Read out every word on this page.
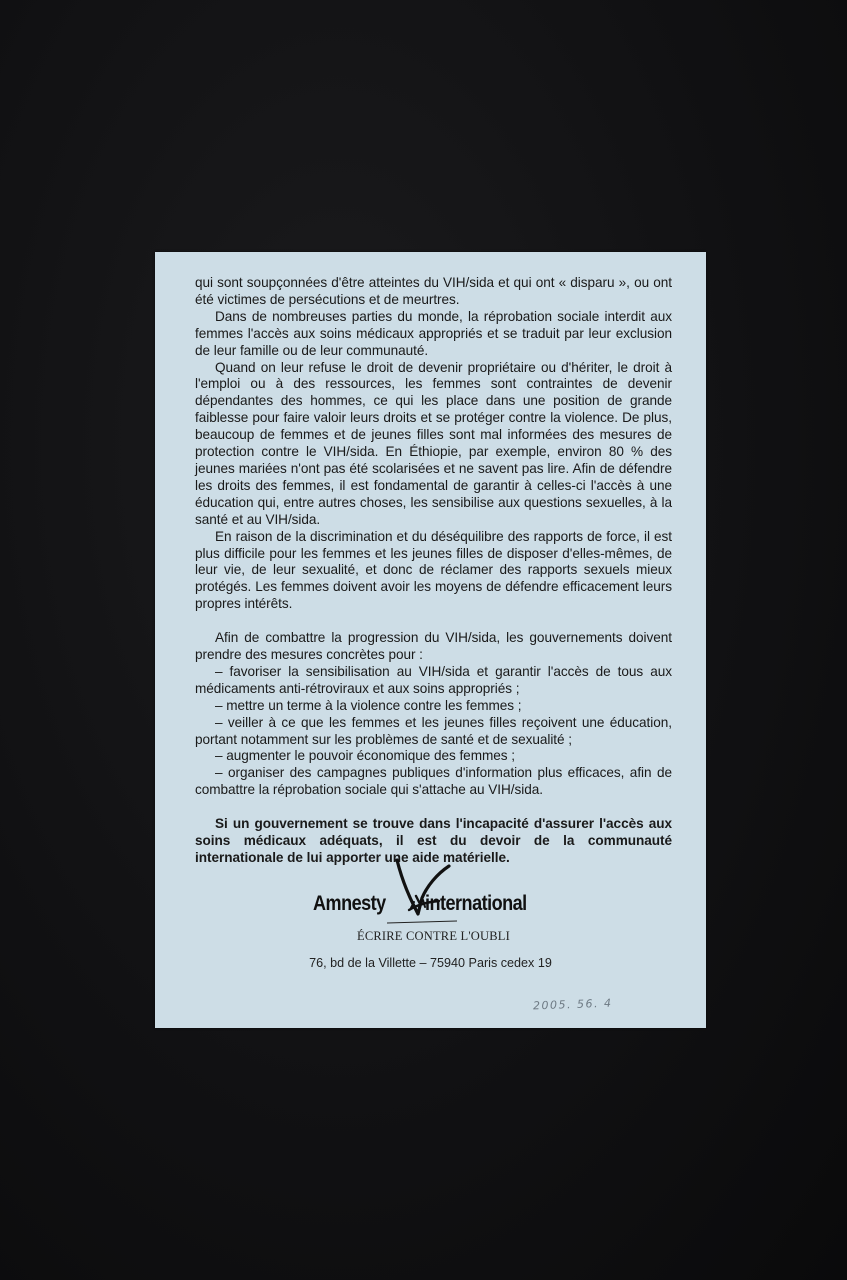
qui sont soupçonnées d'être atteintes du VIH/sida et qui ont « disparu », ou ont été victimes de persécutions et de meurtres.

Dans de nombreuses parties du monde, la réprobation sociale interdit aux femmes l'accès aux soins médicaux appropriés et se traduit par leur exclusion de leur famille ou de leur communauté.

Quand on leur refuse le droit de devenir propriétaire ou d'hériter, le droit à l'emploi ou à des ressources, les femmes sont contraintes de devenir dépendantes des hommes, ce qui les place dans une position de grande faiblesse pour faire valoir leurs droits et se protéger contre la violence. De plus, beaucoup de femmes et de jeunes filles sont mal informées des mesures de protection contre le VIH/sida. En Éthiopie, par exemple, environ 80 % des jeunes mariées n'ont pas été scolarisées et ne savent pas lire. Afin de défendre les droits des femmes, il est fondamental de garantir à celles-ci l'accès à une éducation qui, entre autres choses, les sensibilise aux questions sexuelles, à la santé et au VIH/sida.

En raison de la discrimination et du déséquilibre des rapports de force, il est plus difficile pour les femmes et les jeunes filles de disposer d'elles-mêmes, de leur vie, de leur sexualité, et donc de réclamer des rapports sexuels mieux protégés. Les femmes doivent avoir les moyens de défendre efficacement leurs propres intérêts.

Afin de combattre la progression du VIH/sida, les gouvernements doivent prendre des mesures concrètes pour :

– favoriser la sensibilisation au VIH/sida et garantir l'accès de tous aux médicaments anti-rétroviraux et aux soins appropriés ;

– mettre un terme à la violence contre les femmes ;

– veiller à ce que les femmes et les jeunes filles reçoivent une éducation, portant notamment sur les problèmes de santé et de sexualité ;

– augmenter le pouvoir économique des femmes ;

– organiser des campagnes publiques d'information plus efficaces, afin de combattre la réprobation sociale qui s'attache au VIH/sida.

Si un gouvernement se trouve dans l'incapacité d'assurer l'accès aux soins médicaux adéquats, il est du devoir de la communauté internationale de lui apporter une aide matérielle.

Amnesty international
ÉCRIRE CONTRE L'OUBLI
76, bd de la Villette – 75940 Paris cedex 19
2005. 56. 4
